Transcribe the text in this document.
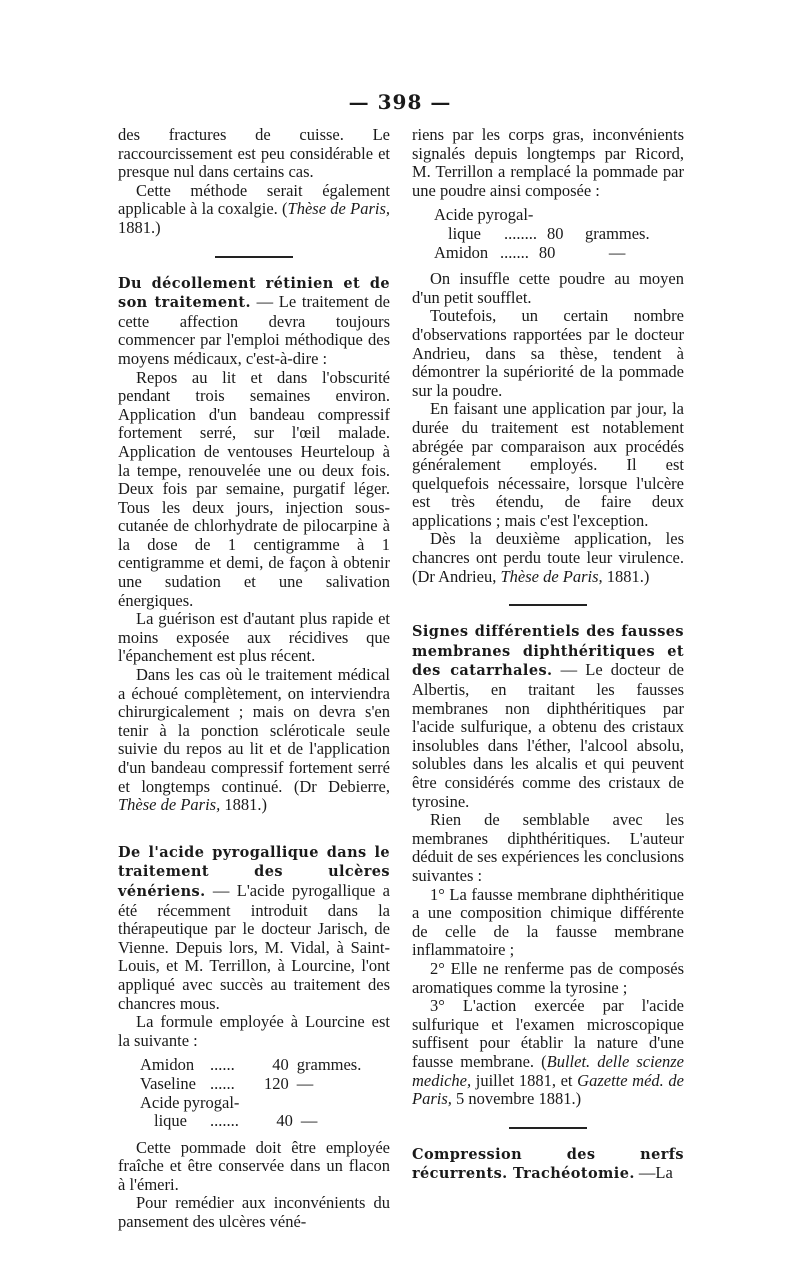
— 398 —

des fractures de cuisse. Le raccourcissement est peu considérable et presque nul dans certains cas.

Cette méthode serait également applicable à la coxalgie. (Thèse de Paris, 1881.)

Du décollement rétinien et de son traitement. — Le traitement de cette affection devra toujours commencer par l'emploi méthodique des moyens médicaux, c'est-à-dire :

Repos au lit et dans l'obscurité pendant trois semaines environ. Application d'un bandeau compressif fortement serré, sur l'œil malade. Application de ventouses Heurteloup à la tempe, renouvelée une ou deux fois. Deux fois par semaine, purgatif léger. Tous les deux jours, injection sous-cutanée de chlorhydrate de pilocarpine à la dose de 1 centigramme à 1 centigramme et demi, de façon à obtenir une sudation et une salivation énergiques.

La guérison est d'autant plus rapide et moins exposée aux récidives que l'épanchement est plus récent.

Dans les cas où le traitement médical a échoué complètement, on interviendra chirurgicalement ; mais on devra s'en tenir à la ponction scléroticale seule suivie du repos au lit et de l'application d'un bandeau compressif fortement serré et longtemps continué. (Dr Debierre, Thèse de Paris, 1881.)

De l'acide pyrogallique dans le traitement des ulcères vénériens. — L'acide pyrogallique a été récemment introduit dans la thérapeutique par le docteur Jarisch, de Vienne. Depuis lors, M. Vidal, à Saint-Louis, et M. Terrillon, à Lourcine, l'ont appliqué avec succès au traitement des chancres mous.

La formule employée à Lourcine est la suivante :

Amidon ......	40 grammes.
Vaseline ......	120 —
Acide pyrogal-
lique	.......	40 —

Cette pommade doit être employée fraîche et être conservée dans un flacon à l'émeri.

Pour remédier aux inconvénients du pansement des ulcères véné-

riens par les corps gras, inconvénients signalés depuis longtemps par Ricord, M. Terrillon a remplacé la pommade par une poudre ainsi composée :

Acide pyrogal-
lique	........ 80	grammes.
Amidon ....... 80	—

On insuffle cette poudre au moyen d'un petit soufflet.

Toutefois, un certain nombre d'observations rapportées par le docteur Andrieu, dans sa thèse, tendent à démontrer la supériorité de la pommade sur la poudre.

En faisant une application par jour, la durée du traitement est notablement abrégée par comparaison aux procédés généralement employés. Il est quelquefois nécessaire, lorsque l'ulcère est très étendu, de faire deux applications ; mais c'est l'exception.

Dès la deuxième application, les chancres ont perdu toute leur virulence. (Dr Andrieu, Thèse de Paris, 1881.)

Signes différentiels des fausses membranes diphthéritiques et des catarrhales. — Le docteur de Albertis, en traitant les fausses membranes non diphthéritiques par l'acide sulfurique, a obtenu des cristaux insolubles dans l'éther, l'alcool absolu, solubles dans les alcalis et qui peuvent être considérés comme des cristaux de tyrosine.

Rien de semblable avec les membranes diphthéritiques. L'auteur déduit de ses expériences les conclusions suivantes :

1° La fausse membrane diphthéritique a une composition chimique différente de celle de la fausse membrane inflammatoire ;

2° Elle ne renferme pas de composés aromatiques comme la tyrosine ;

3° L'action exercée par l'acide sulfurique et l'examen microscopique suffisent pour établir la nature d'une fausse membrane. (Bullet. delle scienze mediche, juillet 1881, et Gazette méd. de Paris, 5 novembre 1881.)

Compression des nerfs récurrents. Trachéotomie. —La
